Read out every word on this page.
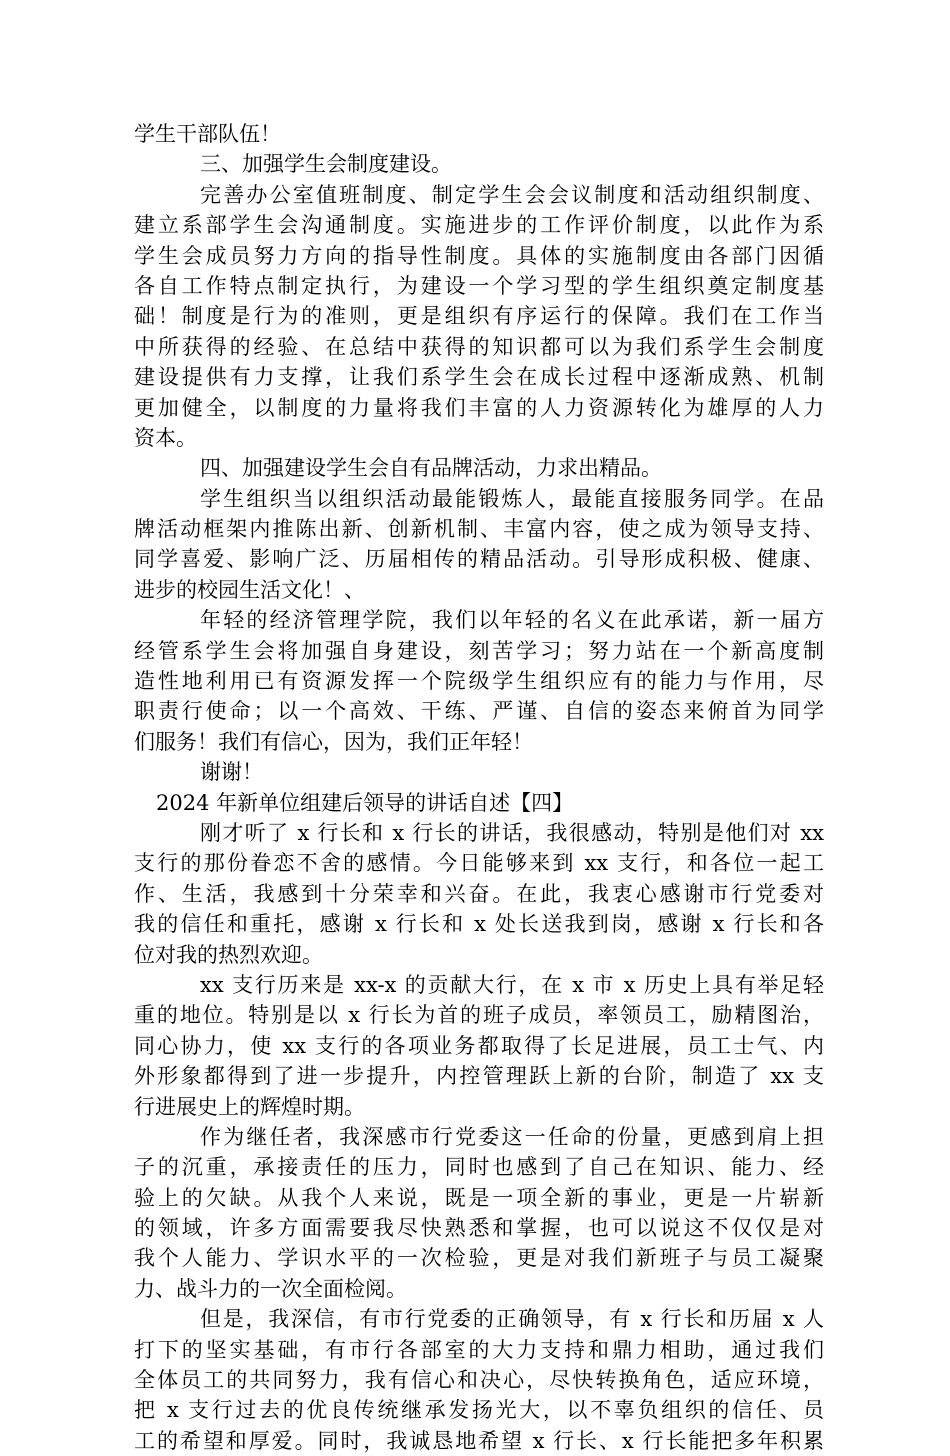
学生干部队伍！
三、加强学生会制度建设。
完善办公室值班制度、制定学生会会议制度和活动组织制度、
建立系部学生会沟通制度。实施进步的工作评价制度，以此作为系
学生会成员努力方向的指导性制度。具体的实施制度由各部门因循
各自工作特点制定执行，为建设一个学习型的学生组织奠定制度基
础！制度是行为的准则，更是组织有序运行的保障。我们在工作当
中所获得的经验、在总结中获得的知识都可以为我们系学生会制度
建设提供有力支撑，让我们系学生会在成长过程中逐渐成熟、机制
更加健全，以制度的力量将我们丰富的人力资源转化为雄厚的人力
资本。
四、加强建设学生会自有品牌活动，力求出精品。
学生组织当以组织活动最能锻炼人，最能直接服务同学。在品
牌活动框架内推陈出新、创新机制、丰富内容，使之成为领导支持、
同学喜爱、影响广泛、历届相传的精品活动。引导形成积极、健康、
进步的校园生活文化！、
年轻的经济管理学院，我们以年轻的名义在此承诺，新一届方
经管系学生会将加强自身建设，刻苦学习；努力站在一个新高度制
造性地利用已有资源发挥一个院级学生组织应有的能力与作用，尽
职责行使命；以一个高效、干练、严谨、自信的姿态来俯首为同学
们服务！我们有信心，因为，我们正年轻！
谢谢！
2024 年新单位组建后领导的讲话自述【四】
刚才听了 x 行长和 x 行长的讲话，我很感动，特别是他们对 xx
支行的那份眷恋不舍的感情。今日能够来到 xx 支行，和各位一起工
作、生活，我感到十分荣幸和兴奋。在此，我衷心感谢市行党委对
我的信任和重托，感谢 x 行长和 x 处长送我到岗，感谢 x 行长和各
位对我的热烈欢迎。
xx 支行历来是 xx-x 的贡献大行，在 x 市 x 历史上具有举足轻
重的地位。特别是以 x 行长为首的班子成员，率领员工，励精图治，
同心协力，使 xx 支行的各项业务都取得了长足进展，员工士气、内
外形象都得到了进一步提升，内控管理跃上新的台阶，制造了 xx 支
行进展史上的辉煌时期。
作为继任者，我深感市行党委这一任命的份量，更感到肩上担
子的沉重，承接责任的压力，同时也感到了自己在知识、能力、经
验上的欠缺。从我个人来说，既是一项全新的事业，更是一片崭新
的领域，许多方面需要我尽快熟悉和掌握，也可以说这不仅仅是对
我个人能力、学识水平的一次检验，更是对我们新班子与员工凝聚
力、战斗力的一次全面检阅。
但是，我深信，有市行党委的正确领导，有 x 行长和历届 x 人
打下的坚实基础，有市行各部室的大力支持和鼎力相助，通过我们
全体员工的共同努力，我有信心和决心，尽快转换角色，适应环境，
把 x 支行过去的优良传统继承发扬光大，以不辜负组织的信任、员
工的希望和厚爱。同时，我诚恳地希望 x 行长、x 行长能把多年积累
